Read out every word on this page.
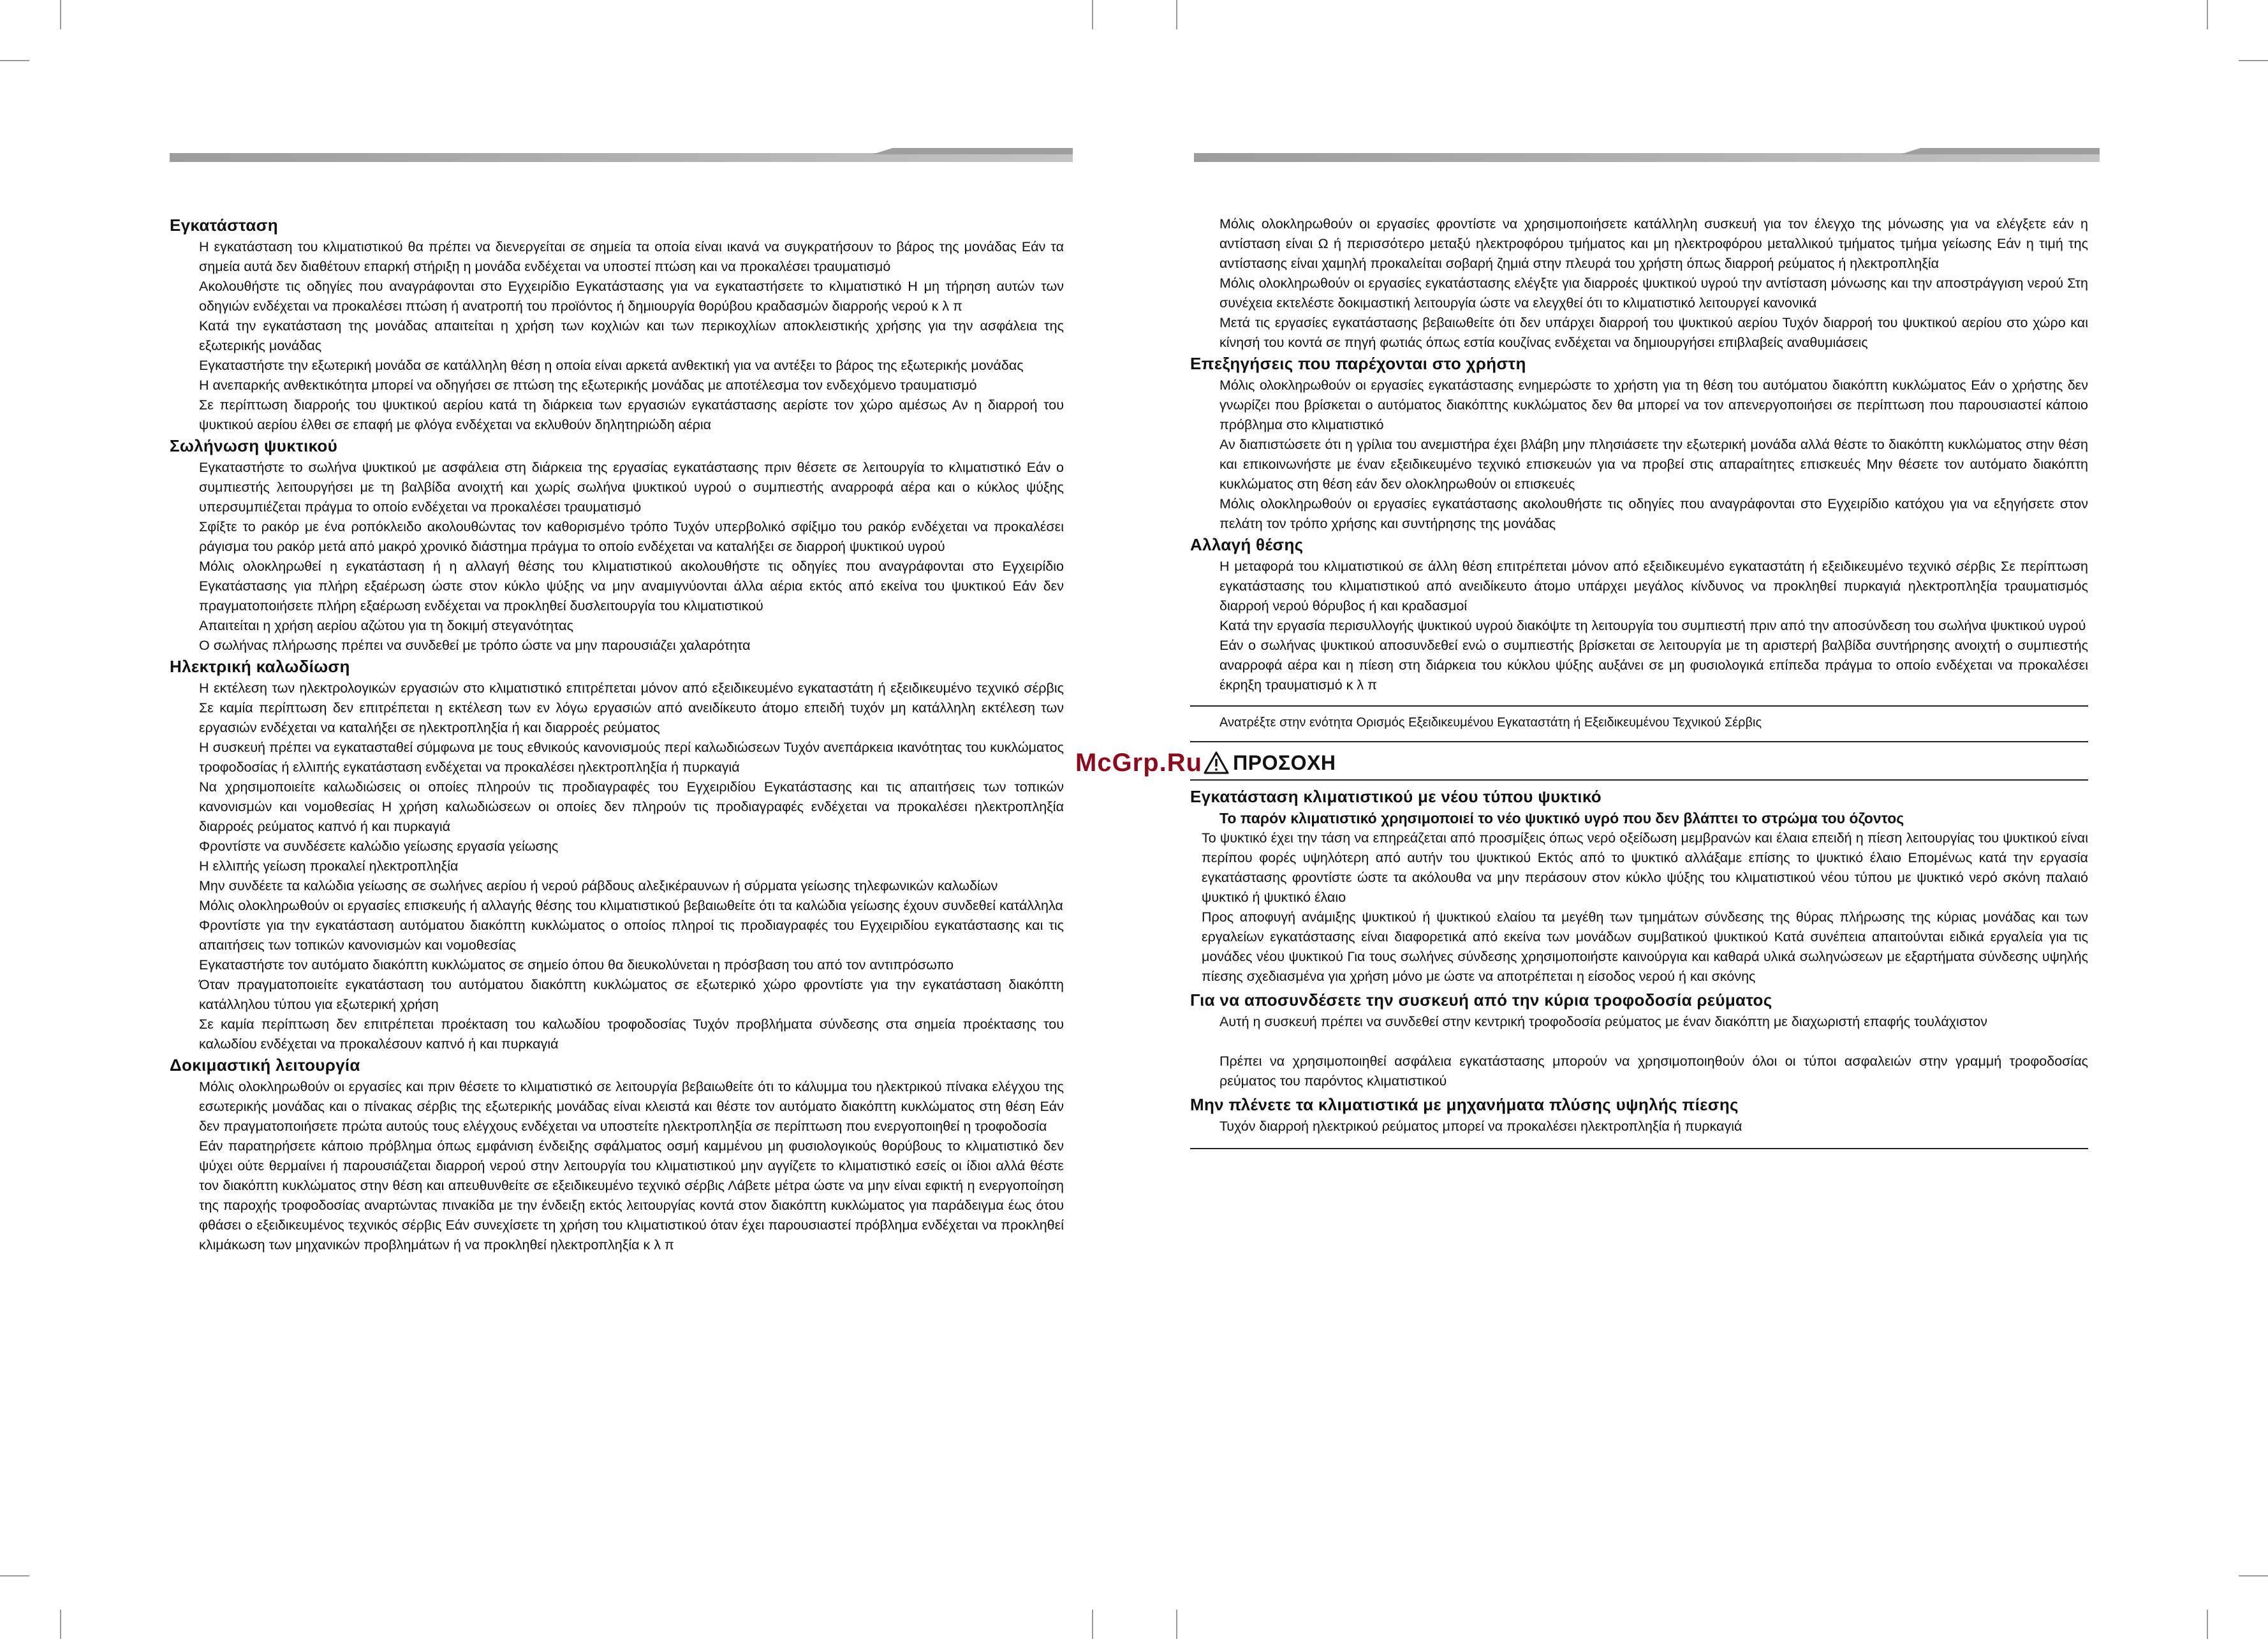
Εγκατάσταση

Η εγκατάσταση του κλιματιστικού θα πρέπει να διενεργείται σε σημεία τα οποία είναι ικανά να συγκρατήσουν το βάρος της μονάδας Εάν τα σημεία αυτά δεν διαθέτουν επαρκή στήριξη η μονάδα ενδέχεται να υποστεί πτώση και να προκαλέσει τραυματισμό

Ακολουθήστε τις οδηγίες που αναγράφονται στο Εγχειρίδιο Εγκατάστασης για να εγκαταστήσετε το κλιματιστικό Η μη τήρηση αυτών των οδηγιών ενδέχεται να προκαλέσει πτώση ή ανατροπή του προϊόντος ή δημιουργία θορύβου κραδασμών διαρροής νερού κ λ π

Κατά την εγκατάσταση της μονάδας απαιτείται η χρήση των κοχλιών και των περικοχλίων αποκλειστικής χρήσης για την ασφάλεια της εξωτερικής μονάδας

Εγκαταστήστε την εξωτερική μονάδα σε κατάλληλη θέση η οποία είναι αρκετά ανθεκτική για να αντέξει το βάρος της εξωτερικής μονάδας

Η ανεπαρκής ανθεκτικότητα μπορεί να οδηγήσει σε πτώση της εξωτερικής μονάδας με αποτέλεσμα τον ενδεχόμενο τραυματισμό

Σε περίπτωση διαρροής του ψυκτικού αερίου κατά τη διάρκεια των εργασιών εγκατάστασης αερίστε τον χώρο αμέσως Αν η διαρροή του ψυκτικού αερίου έλθει σε επαφή με φλόγα ενδέχεται να εκλυθούν δηλητηριώδη αέρια

Σωλήνωση ψυκτικού

Εγκαταστήστε το σωλήνα ψυκτικού με ασφάλεια στη διάρκεια της εργασίας εγκατάστασης πριν θέσετε σε λειτουργία το κλιματιστικό Εάν ο συμπιεστής λειτουργήσει με τη βαλβίδα ανοιχτή και χωρίς σωλήνα ψυκτικού υγρού ο συμπιεστής αναρροφά αέρα και ο κύκλος ψύξης υπερσυμπιέζεται πράγμα το οποίο ενδέχεται να προκαλέσει τραυματισμό

Σφίξτε το ρακόρ με ένα ροπόκλειδο ακολουθώντας τον καθορισμένο τρόπο Τυχόν υπερβολικό σφίξιμο του ρακόρ ενδέχεται να προκαλέσει ράγισμα του ρακόρ μετά από μακρό χρονικό διάστημα πράγμα το οποίο ενδέχεται να καταλήξει σε διαρροή ψυκτικού υγρού

Μόλις ολοκληρωθεί η εγκατάσταση ή η αλλαγή θέσης του κλιματιστικού ακολουθήστε τις οδηγίες που αναγράφονται στο Εγχειρίδιο Εγκατάστασης για πλήρη εξαέρωση ώστε στον κύκλο ψύξης να μην αναμιγνύονται άλλα αέρια εκτός από εκείνα του ψυκτικού Εάν δεν πραγματοποιήσετε πλήρη εξαέρωση ενδέχεται να προκληθεί δυσλειτουργία του κλιματιστικού

Απαιτείται η χρήση αερίου αζώτου για τη δοκιμή στεγανότητας

Ο σωλήνας πλήρωσης πρέπει να συνδεθεί με τρόπο ώστε να μην παρουσιάζει χαλαρότητα

Ηλεκτρική καλωδίωση

Η εκτέλεση των ηλεκτρολογικών εργασιών στο κλιματιστικό επιτρέπεται μόνον από εξειδικευμένο εγκαταστάτη ή εξειδικευμένο τεχνικό σέρβις Σε καμία περίπτωση δεν επιτρέπεται η εκτέλεση των εν λόγω εργασιών από ανειδίκευτο άτομο επειδή τυχόν μη κατάλληλη εκτέλεση των εργασιών ενδέχεται να καταλήξει σε ηλεκτροπληξία ή και διαρροές ρεύματος

Η συσκευή πρέπει να εγκατασταθεί σύμφωνα με τους εθνικούς κανονισμούς περί καλωδιώσεων Τυχόν ανεπάρκεια ικανότητας του κυκλώματος τροφοδοσίας ή ελλιπής εγκατάσταση ενδέχεται να προκαλέσει ηλεκτροπληξία ή πυρκαγιά

Να χρησιμοποιείτε καλωδιώσεις οι οποίες πληρούν τις προδιαγραφές του Εγχειριδίου Εγκατάστασης και τις απαιτήσεις των τοπικών κανονισμών και νομοθεσίας Η χρήση καλωδιώσεων οι οποίες δεν πληρούν τις προδιαγραφές ενδέχεται να προκαλέσει ηλεκτροπληξία διαρροές ρεύματος καπνό ή και πυρκαγιά

Φροντίστε να συνδέσετε καλώδιο γείωσης εργασία γείωσης

Η ελλιπής γείωση προκαλεί ηλεκτροπληξία

Μην συνδέετε τα καλώδια γείωσης σε σωλήνες αερίου ή νερού ράβδους αλεξικέραυνων ή σύρματα γείωσης τηλεφωνικών καλωδίων

Μόλις ολοκληρωθούν οι εργασίες επισκευής ή αλλαγής θέσης του κλιματιστικού βεβαιωθείτε ότι τα καλώδια γείωσης έχουν συνδεθεί κατάλληλα

Φροντίστε για την εγκατάσταση αυτόματου διακόπτη κυκλώματος ο οποίος πληροί τις προδιαγραφές του Εγχειριδίου εγκατάστασης και τις απαιτήσεις των τοπικών κανονισμών και νομοθεσίας

Εγκαταστήστε τον αυτόματο διακόπτη κυκλώματος σε σημείο όπου θα διευκολύνεται η πρόσβαση του από τον αντιπρόσωπο

Όταν πραγματοποιείτε εγκατάσταση του αυτόματου διακόπτη κυκλώματος σε εξωτερικό χώρο φροντίστε για την εγκατάσταση διακόπτη κατάλληλου τύπου για εξωτερική χρήση

Σε καμία περίπτωση δεν επιτρέπεται προέκταση του καλωδίου τροφοδοσίας Τυχόν προβλήματα σύνδεσης στα σημεία προέκτασης του καλωδίου ενδέχεται να προκαλέσουν καπνό ή και πυρκαγιά

Δοκιμαστική λειτουργία

Μόλις ολοκληρωθούν οι εργασίες και πριν θέσετε το κλιματιστικό σε λειτουργία βεβαιωθείτε ότι το κάλυμμα του ηλεκτρικού πίνακα ελέγχου της εσωτερικής μονάδας και ο πίνακας σέρβις της εξωτερικής μονάδας είναι κλειστά και θέστε τον αυτόματο διακόπτη κυκλώματος στη θέση Εάν δεν πραγματοποιήσετε πρώτα αυτούς τους ελέγχους ενδέχεται να υποστείτε ηλεκτροπληξία σε περίπτωση που ενεργοποιηθεί η τροφοδοσία

Εάν παρατηρήσετε κάποιο πρόβλημα όπως εμφάνιση ένδειξης σφάλματος οσμή καμμένου μη φυσιολογικούς θορύβους το κλιματιστικό δεν ψύχει ούτε θερμαίνει ή παρουσιάζεται διαρροή νερού στην λειτουργία του κλιματιστικού μην αγγίζετε το κλιματιστικό εσείς οι ίδιοι αλλά θέστε τον διακόπτη κυκλώματος στην θέση και απευθυνθείτε σε εξειδικευμένο τεχνικό σέρβις Λάβετε μέτρα ώστε να μην είναι εφικτή η ενεργοποίηση της παροχής τροφοδοσίας αναρτώντας πινακίδα με την ένδειξη εκτός λειτουργίας κοντά στον διακόπτη κυκλώματος για παράδειγμα έως ότου φθάσει ο εξειδικευμένος τεχνικός σέρβις Εάν συνεχίσετε τη χρήση του κλιματιστικού όταν έχει παρουσιαστεί πρόβλημα ενδέχεται να προκληθεί κλιμάκωση των μηχανικών προβλημάτων ή να προκληθεί ηλεκτροπληξία κ λ π

Μόλις ολοκληρωθούν οι εργασίες φροντίστε να χρησιμοποιήσετε κατάλληλη συσκευή για τον έλεγχο της μόνωσης για να ελέγξετε εάν η αντίσταση είναι Ω ή περισσότερο μεταξύ ηλεκτροφόρου τμήματος και μη ηλεκτροφόρου μεταλλικού τμήματος τμήμα γείωσης Εάν η τιμή της αντίστασης είναι χαμηλή προκαλείται σοβαρή ζημιά στην πλευρά του χρήστη όπως διαρροή ρεύματος ή ηλεκτροπληξία

Μόλις ολοκληρωθούν οι εργασίες εγκατάστασης ελέγξτε για διαρροές ψυκτικού υγρού την αντίσταση μόνωσης και την αποστράγγιση νερού Στη συνέχεια εκτελέστε δοκιμαστική λειτουργία ώστε να ελεγχθεί ότι το κλιματιστικό λειτουργεί κανονικά

Μετά τις εργασίες εγκατάστασης βεβαιωθείτε ότι δεν υπάρχει διαρροή του ψυκτικού αερίου Τυχόν διαρροή του ψυκτικού αερίου στο χώρο και κίνησή του κοντά σε πηγή φωτιάς όπως εστία κουζίνας ενδέχεται να δημιουργήσει επιβλαβείς αναθυμιάσεις

Επεξηγήσεις που παρέχονται στο χρήστη

Μόλις ολοκληρωθούν οι εργασίες εγκατάστασης ενημερώστε το χρήστη για τη θέση του αυτόματου διακόπτη κυκλώματος Εάν ο χρήστης δεν γνωρίζει που βρίσκεται ο αυτόματος διακόπτης κυκλώματος δεν θα μπορεί να τον απενεργοποιήσει σε περίπτωση που παρουσιαστεί κάποιο πρόβλημα στο κλιματιστικό

Αν διαπιστώσετε ότι η γρίλια του ανεμιστήρα έχει βλάβη μην πλησιάσετε την εξωτερική μονάδα αλλά θέστε το διακόπτη κυκλώματος στην θέση και επικοινωνήστε με έναν εξειδικευμένο τεχνικό επισκευών για να προβεί στις απαραίτητες επισκευές Μην θέσετε τον αυτόματο διακόπτη κυκλώματος στη θέση εάν δεν ολοκληρωθούν οι επισκευές

Μόλις ολοκληρωθούν οι εργασίες εγκατάστασης ακολουθήστε τις οδηγίες που αναγράφονται στο Εγχειρίδιο κατόχου για να εξηγήσετε στον πελάτη τον τρόπο χρήσης και συντήρησης της μονάδας

Αλλαγή θέσης

Η μεταφορά του κλιματιστικού σε άλλη θέση επιτρέπεται μόνον από εξειδικευμένο εγκαταστάτη ή εξειδικευμένο τεχνικό σέρβις Σε περίπτωση εγκατάστασης του κλιματιστικού από ανειδίκευτο άτομο υπάρχει μεγάλος κίνδυνος να προκληθεί πυρκαγιά ηλεκτροπληξία τραυματισμός διαρροή νερού θόρυβος ή και κραδασμοί

Κατά την εργασία περισυλλογής ψυκτικού υγρού διακόψτε τη λειτουργία του συμπιεστή πριν από την αποσύνδεση του σωλήνα ψυκτικού υγρού

Εάν ο σωλήνας ψυκτικού αποσυνδεθεί ενώ ο συμπιεστής βρίσκεται σε λειτουργία με τη αριστερή βαλβίδα συντήρησης ανοιχτή ο συμπιεστής αναρροφά αέρα και η πίεση στη διάρκεια του κύκλου ψύξης αυξάνει σε μη φυσιολογικά επίπεδα πράγμα το οποίο ενδέχεται να προκαλέσει έκρηξη τραυματισμό κ λ π

Ανατρέξτε στην ενότητα Ορισμός Εξειδικευμένου Εγκαταστάτη ή Εξειδικευμένου Τεχνικού Σέρβις

McGrp.Ru ΠΡΟΣΟΧΗ
Εγκατάσταση κλιματιστικού με νέου τύπου ψυκτικό

Το παρόν κλιματιστικό χρησιμοποιεί το νέο ψυκτικό υγρό που δεν βλάπτει το στρώμα του όζοντος

Το ψυκτικό έχει την τάση να επηρεάζεται από προσμίξεις όπως νερό οξείδωση μεμβρανών και έλαια επειδή η πίεση λειτουργίας του ψυκτικού είναι περίπου φορές υψηλότερη από αυτήν του ψυκτικού Εκτός από το ψυκτικό αλλάξαμε επίσης το ψυκτικό έλαιο Επομένως κατά την εργασία εγκατάστασης φροντίστε ώστε τα ακόλουθα να μην περάσουν στον κύκλο ψύξης του κλιματιστικού νέου τύπου με ψυκτικό νερό σκόνη παλαιό ψυκτικό ή ψυκτικό έλαιο

Προς αποφυγή ανάμιξης ψυκτικού ή ψυκτικού ελαίου τα μεγέθη των τμημάτων σύνδεσης της θύρας πλήρωσης της κύριας μονάδας και των εργαλείων εγκατάστασης είναι διαφορετικά από εκείνα των μονάδων συμβατικού ψυκτικού Κατά συνέπεια απαιτούνται ειδικά εργαλεία για τις μονάδες νέου ψυκτικού Για τους σωλήνες σύνδεσης χρησιμοποιήστε καινούργια και καθαρά υλικά σωληνώσεων με εξαρτήματα σύνδεσης υψηλής πίεσης σχεδιασμένα για χρήση μόνο με ώστε να αποτρέπεται η είσοδος νερού ή και σκόνης

Για να αποσυνδέσετε την συσκευή από την κύρια τροφοδοσία ρεύματος

Αυτή η συσκευή πρέπει να συνδεθεί στην κεντρική τροφοδοσία ρεύματος με έναν διακόπτη με διαχωριστή επαφής τουλάχιστον

Πρέπει να χρησιμοποιηθεί ασφάλεια εγκατάστασης μπορούν να χρησιμοποιηθούν όλοι οι τύποι ασφαλειών στην γραμμή τροφοδοσίας ρεύματος του παρόντος κλιματιστικού

Μην πλένετε τα κλιματιστικά με μηχανήματα πλύσης υψηλής πίεσης

Τυχόν διαρροή ηλεκτρικού ρεύματος μπορεί να προκαλέσει ηλεκτροπληξία ή πυρκαγιά
